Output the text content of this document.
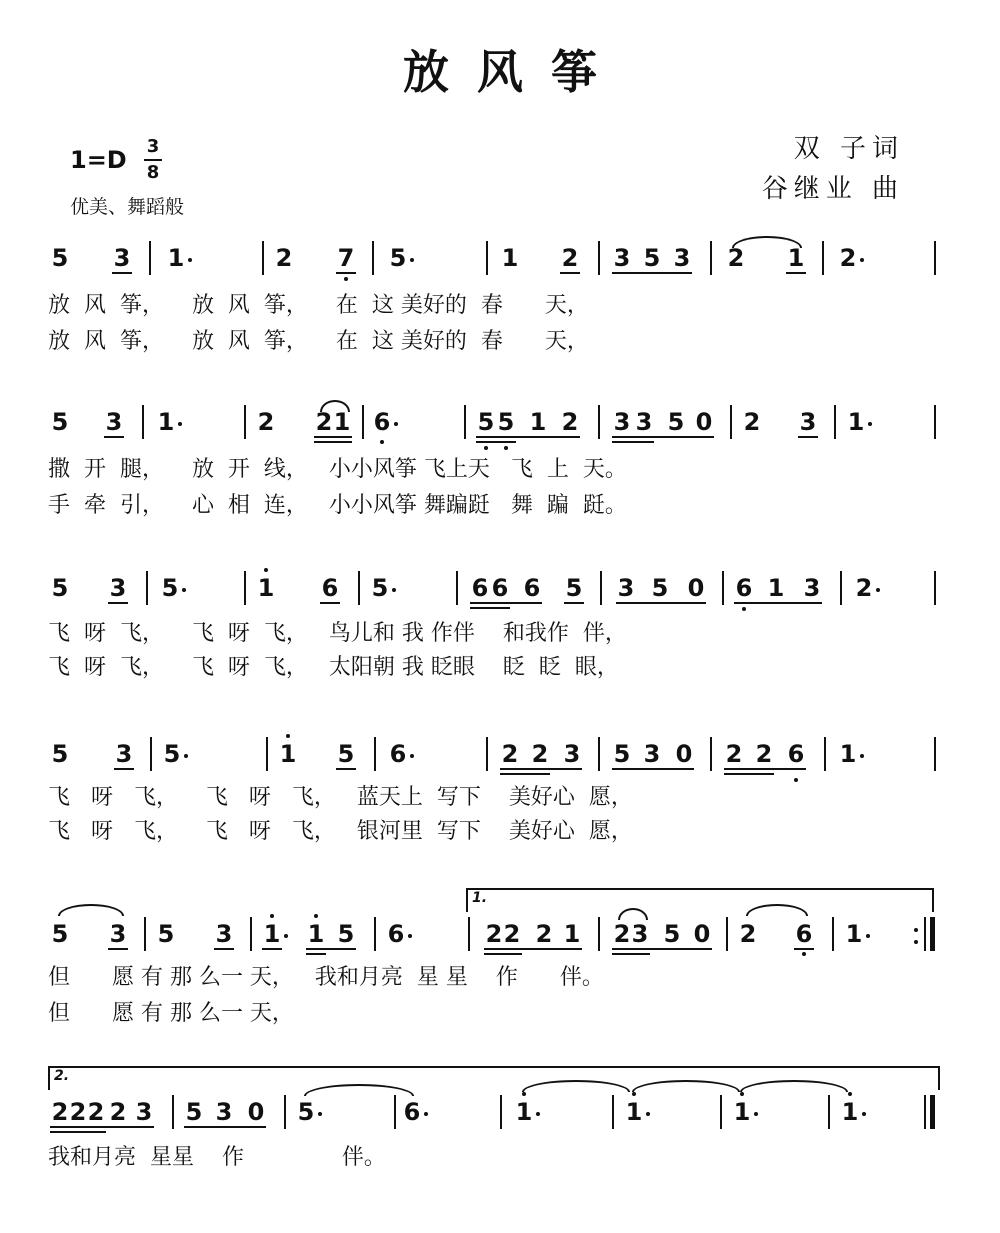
放风筝
1=D 3
8
优美、舞蹈般
双 子词
谷继业 曲
5 3 1	2 7 5	1 2 3 5 3 2 1 2
放  风  筝，    放  风  筝，    在  这 美好的  春      天，
放  风  筝，    放  风  筝，    在  这 美好的  春      天，
5 3 1	2 2 1 6	5 5 1 2 3 3 5 0 2 3 1
撒  开  腿，    放  开  线，   小小风筝 飞上天   飞  上  天。
手  牵  引，    心  相  连，   小小风筝 舞蹁跹   舞  蹁  跹。
5 3 5	1 6 5	6 6 6 5 3 5 0 6 1 3 2
飞  呀  飞，    飞  呀  飞，   鸟儿和 我 作伴    和我作  伴，
飞  呀  飞，    飞  呀  飞，   太阳朝 我 眨眼    眨  眨  眼，
5 3 5	1 5 6	2 2 3 5 3 0 2 2 6 1
飞   呀   飞，    飞   呀   飞，   蓝天上  写下    美好心  愿，
飞   呀   飞，    飞   呀   飞，   银河里  写下    美好心  愿，
1.
5 3 5 3 1 1 5 6	2 2 2 1 2 3 5 0 2 6 1
但      愿 有 那 么一 天，   我和月亮  星 星    作      伴。
但      愿 有 那 么一 天，
2.
2 2 2 2 3 5 3 0 5	6	1	1	1	1
我和月亮  星星    作              伴。
